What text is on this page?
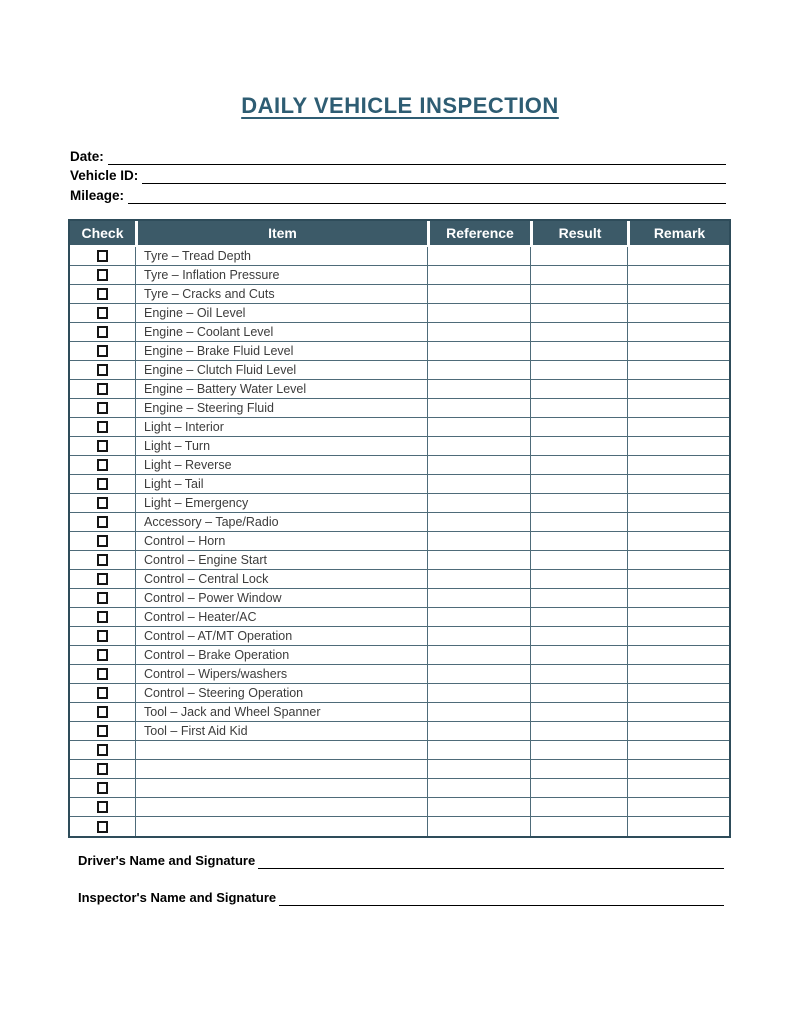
DAILY VEHICLE INSPECTION
Date:
Vehicle ID:
Mileage:
Check	Item	Reference	Result	Remark
Tyre – Tread Depth
Tyre – Inflation Pressure
Tyre – Cracks and Cuts
Engine – Oil Level
Engine – Coolant Level
Engine – Brake Fluid Level
Engine – Clutch Fluid Level
Engine – Battery Water Level
Engine – Steering Fluid
Light – Interior
Light – Turn
Light – Reverse
Light – Tail
Light – Emergency
Accessory – Tape/Radio
Control – Horn
Control – Engine Start
Control – Central Lock
Control – Power Window
Control – Heater/AC
Control – AT/MT Operation
Control – Brake Operation
Control – Wipers/washers
Control – Steering Operation
Tool – Jack and Wheel Spanner
Tool – First Aid Kid
Driver's Name and Signature
Inspector's Name and Signature
